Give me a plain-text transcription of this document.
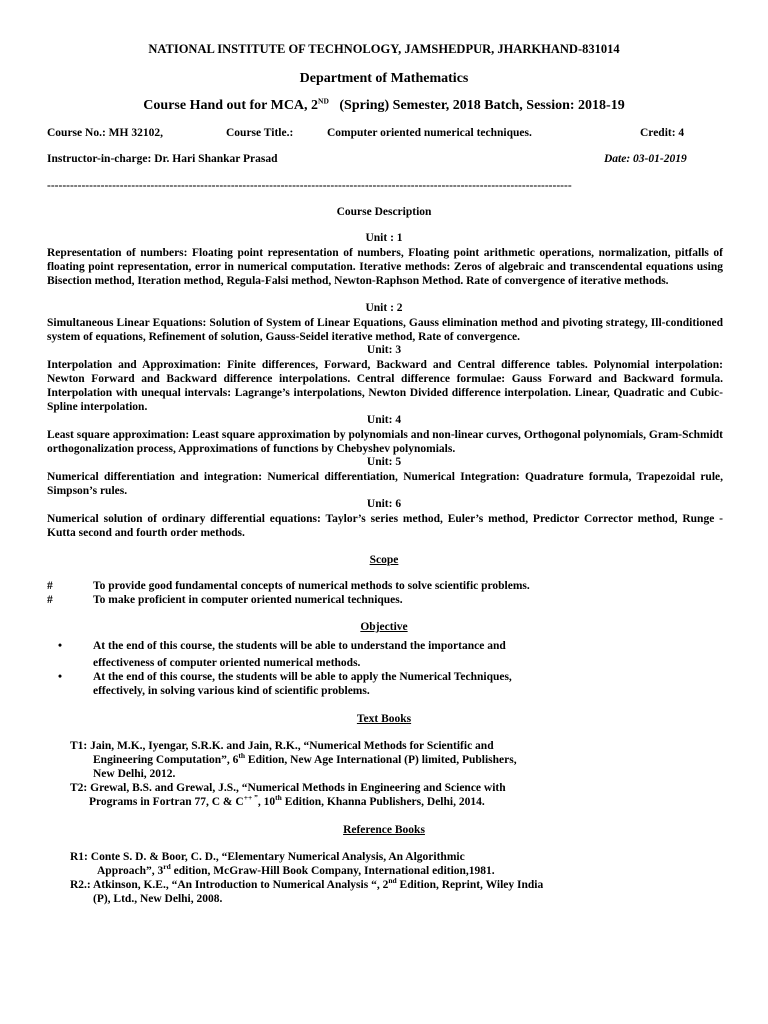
NATIONAL INSTITUTE OF TECHNOLOGY, JAMSHEDPUR, JHARKHAND-831014
Department of Mathematics
Course Hand out for MCA, 2ND (Spring) Semester, 2018 Batch, Session: 2018-19
Course No.: MH 32102,	Course Title.:	Computer oriented numerical techniques.	Credit: 4
Instructor-in-charge: Dr. Hari Shankar Prasad	Date: 03-01-2019
-----------------------------------------------------------------------------------------------------------------------------------------
Course Description
Unit : 1
Representation of numbers: Floating point representation of numbers, Floating point arithmetic operations, normalization, pitfalls of floating point representation, error in numerical computation. Iterative methods: Zeros of algebraic and transcendental equations using Bisection method, Iteration method, Regula-Falsi method, Newton-Raphson Method. Rate of convergence of iterative methods.
Unit : 2
Simultaneous Linear Equations: Solution of System of Linear Equations, Gauss elimination method and pivoting strategy, Ill-conditioned system of equations, Refinement of solution, Gauss-Seidel iterative method, Rate of convergence.
Unit: 3
Interpolation and Approximation: Finite differences, Forward, Backward and Central difference tables. Polynomial interpolation: Newton Forward and Backward difference interpolations. Central difference formulae: Gauss Forward and Backward formula. Interpolation with unequal intervals: Lagrange’s interpolations, Newton Divided difference interpolation. Linear, Quadratic and Cubic-Spline interpolation.
Unit: 4
Least square approximation: Least square approximation by polynomials and non-linear curves, Orthogonal polynomials, Gram-Schmidt orthogonalization process, Approximations of functions by Chebyshev polynomials.
Unit: 5
Numerical differentiation and integration: Numerical differentiation, Numerical Integration: Quadrature formula, Trapezoidal rule, Simpson’s rules.
Unit: 6
Numerical solution of ordinary differential equations: Taylor’s series method, Euler’s method, Predictor Corrector method, Runge - Kutta second and fourth order methods.
Scope
#	To provide good fundamental concepts of numerical methods to solve scientific problems.
#	To make proficient in computer oriented numerical techniques.
Objective
•	At the end of this course, the students will be able to understand the importance and
effectiveness of computer oriented numerical methods.
•	At the end of this course, the students will be able to apply the Numerical Techniques,
effectively, in solving various kind of scientific problems.
Text Books
T1: Jain, M.K., Iyengar, S.R.K. and Jain, R.K., “Numerical Methods for Scientific and
Engineering Computation”, 6th Edition, New Age International (P) limited, Publishers,
New Delhi, 2012.
T2: Grewal, B.S. and Grewal, J.S., “Numerical Methods in Engineering and Science with
Programs in Fortran 77, C & C++ ”, 10th Edition, Khanna Publishers, Delhi, 2014.
Reference Books
R1: Conte S. D. & Boor, C. D., “Elementary Numerical Analysis, An Algorithmic
Approach”, 3rd edition, McGraw-Hill Book Company, International edition,1981.
R2.: Atkinson, K.E., “An Introduction to Numerical Analysis “, 2nd Edition, Reprint, Wiley India
(P), Ltd., New Delhi, 2008.
